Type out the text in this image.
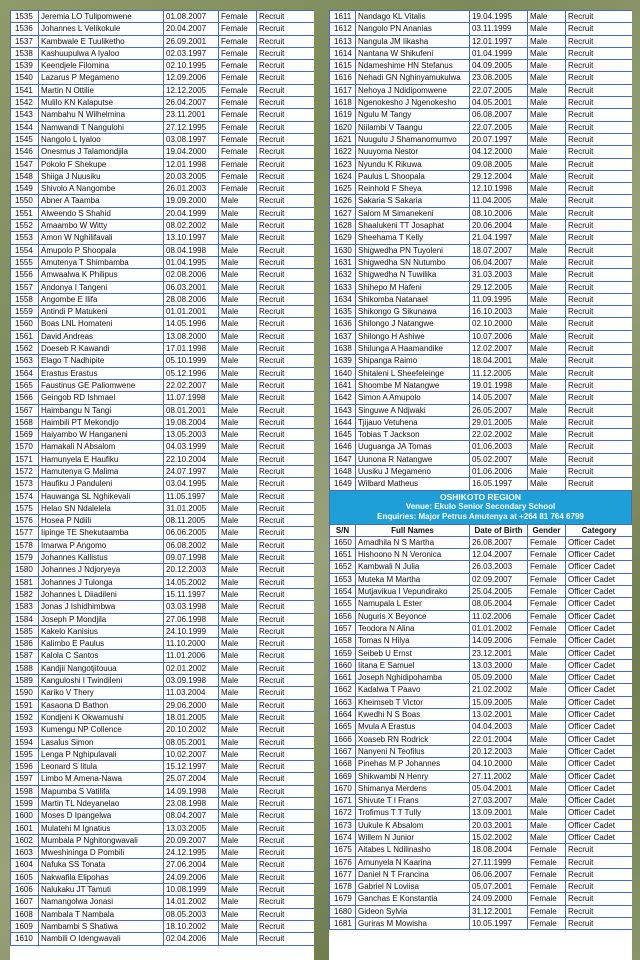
1535	Jeremia LO Tulipomwene	01.08.2007	Female	Recruit
1536	Johannes L Velikokule	20.04.2007	Female	Recruit
1537	Kambwale E Tuuliketho	26.09.2001	Female	Recruit
1538	Kashuupulwa A Iyaloo	02.03.1997	Female	Recruit
1539	Keendjele Filomina	02.10.1995	Female	Recruit
1540	Lazarus P Megameno	12.09.2006	Female	Recruit
1541	Martin N Ottilie	12.12.2005	Female	Recruit
1542	Mulilo KN Kalaputse	26.04.2007	Female	Recruit
1543	Nambahu N Wilhelmina	23.11.2001	Female	Recruit
1544	Namwandi T Nangulohi	27.12.1995	Female	Recruit
1545	Nangolo L Iyaloo	03.08.1997	Female	Recruit
1546	Onesmus J Talamondjila	19.04.2000	Female	Recruit
1547	Pokolo F Shekupe	12.01.1998	Female	Recruit
1548	Shiiga J Nuusiku	20.03.2005	Female	Recruit
1549	Shivolo A Nangombe	26.01.2003	Female	Recruit
1550	Abner A Taamba	19.09.2000	Male	Recruit
1551	Alweendo S Shahid	20.04.1999	Male	Recruit
1552	Amaambo W Witty	08.02.2002	Male	Recruit
1553	Amon W Nghilifavali	13.10.1997	Male	Recruit
1554	Amupolo P Shoopala	08.04.1998	Male	Recruit
1555	Amutenya T Shimbamba	01.04.1995	Male	Recruit
1556	Amwaalwa K Philipus	02.08.2006	Male	Recruit
1557	Andonya I Tangeni	06.03.2001	Male	Recruit
1558	Angombe E Ilifa	28.08.2006	Male	Recruit
1559	Antindi P Matukeni	01.01.2001	Male	Recruit
1560	Boas LNL Homateni	14.05.1996	Male	Recruit
1561	David Andreas	13.08.2000	Male	Recruit
1562	Doeseb R Kawandi	17.01.1998	Male	Recruit
1563	Elago T Nadhipite	05.10.1999	Male	Recruit
1564	Erastus Erastus	05.12.1996	Male	Recruit
1565	Faustinus GE Paliomwene	22.02.2007	Male	Recruit
1566	Geingob RD Ishmael	11.07.1998	Male	Recruit
1567	Haimbangu N Tangi	08.01.2001	Male	Recruit
1568	Haimbili PT Mekondjo	19.08.2004	Male	Recruit
1569	Haiyambo W Hanganeni	13.05.2003	Male	Recruit
1570	Hamakali N Absalom	04.03.1999	Male	Recruit
1571	Hamunyela E Haufiku	22.10.2004	Male	Recruit
1572	Hamutenya G Malima	24.07.1997	Male	Recruit
1573	Haufiku J Panduleni	03.04.1995	Male	Recruit
1574	Hauwanga SL Nghikevali	11.05.1997	Male	Recruit
1575	Helao SN Ndalelela	31.01.2005	Male	Recruit
1576	Hosea P Ndiili	08.11.2005	Male	Recruit
1577	Iipinge TE Shekutaamba	06.06.2005	Male	Recruit
1578	Imarwa P Angomo	06.08.2002	Male	Recruit
1579	Johannes Kallistus	09.07.1998	Male	Recruit
1580	Johannes J Ndjoryeya	20.12.2003	Male	Recruit
1581	Johannes J Tulonga	14.05.2002	Male	Recruit
1582	Johannes L Diiadileni	15.11.1997	Male	Recruit
1583	Jonas J Ishidhimbwa	03.03.1998	Male	Recruit
1584	Joseph P Mondjila	27.06.1998	Male	Recruit
1585	Kakelo Kanisius	24.10.1999	Male	Recruit
1586	Kalimbo E Paulus	11.10.2000	Male	Recruit
1587	Kalola C Santos	11.01.2006	Male	Recruit
1588	Kandjii Nangotjitouua	02.01.2002	Male	Recruit
1589	Kanguloshi I Twindileni	03.09.1998	Male	Recruit
1590	Kariko V Thery	11.03.2004	Male	Recruit
1591	Kasaona D Bathon	29.06.2000	Male	Recruit
1592	Kondjeni K Okwamushi	18.01.2005	Male	Recruit
1593	Kumengu NP Collence	20.10.2002	Male	Recruit
1594	Lasalus Simon	08.05.2001	Male	Recruit
1595	Lenga P Nghipulavali	10.02.2007	Male	Recruit
1596	Leonard S Iitula	15.12.1997	Male	Recruit
1597	Limbo M Amena-Nawa	25.07.2004	Male	Recruit
1598	Mapumba S Vatilifa	14.09.1998	Male	Recruit
1599	Martin TL Ndeyanelao	23.08.1998	Male	Recruit
1600	Moses D Ipangelwa	08.04.2007	Male	Recruit
1601	Mulatehi M Ignatius	13.03.2005	Male	Recruit
1602	Mumbala P Nghitongwavali	20.09.2007	Male	Recruit
1603	Mweshininga D Pombili	24.12.1995	Male	Recruit
1604	Nafuka SS Tonata	27.06.2004	Male	Recruit
1605	Nakwafila Elipohas	24.09.2006	Male	Recruit
1606	Nalukaku JT Tamuti	10.08.1999	Male	Recruit
1607	Namangolwa Jonasi	14.01.2002	Male	Recruit
1608	Nambala T Nambala	08.05.2003	Male	Recruit
1609	Nambambi S Shatiwa	18.10.2002	Male	Recruit
1610	Nambili O Idengwavali	02.04.2006	Male	Recruit
1611	Nandago KL Vitalis	19.04.1995	Male	Recruit
1612	Nangolo PN Ananias	03.11.1999	Male	Recruit
1613	Nangula JM Iikasha	12.01.1997	Male	Recruit
1614	Nantana W Shikufeni	01.04.1999	Male	Recruit
1615	Ndameshime HN Stefanus	04.09.2005	Male	Recruit
1616	Nehadi GN Nghinyamukulwa	23.08.2005	Male	Recruit
1617	Nehoya J Ndidipomwene	22.07.2005	Male	Recruit
1618	Ngenokesho J Ngenokesho	04.05.2001	Male	Recruit
1619	Ngulu M Tangy	06.08.2007	Male	Recruit
1620	Niilambi V Taangu	22.07.2005	Male	Recruit
1621	Nuugulu J Shamanomumvo	20.07.1997	Male	Recruit
1622	Nuuyoma Nestor	04.12.2000	Male	Recruit
1623	Nyundu K Rikuwa	09.08.2005	Male	Recruit
1624	Paulus L Shoopala	29.12.2004	Male	Recruit
1625	Reinhold F Sheya	12.10.1998	Male	Recruit
1626	Sakaria S Sakaria	11.04.2005	Male	Recruit
1627	Salom M Simanekeni	08.10.2006	Male	Recruit
1628	Shaalukeni TT Josaphat	20.06.2004	Male	Recruit
1629	Sheehama T Kelly	21.04.1997	Male	Recruit
1630	Shigwedha PN Tuyoleni	18.07.2007	Male	Recruit
1631	Shigwedha SN Nutumbo	06.04.2007	Male	Recruit
1632	Shigwedha N Tuwilika	31.03.2003	Male	Recruit
1633	Shihepo M Hafeni	29.12.2005	Male	Recruit
1634	Shikomba Natanael	11.09.1995	Male	Recruit
1635	Shikongo G Sikunawa	16.10.2003	Male	Recruit
1636	Shilongo J Natangwe	02.10.2000	Male	Recruit
1637	Shilongo H Ashiwe	10.07.2006	Male	Recruit
1638	Shilunga A Haamandike	12.02.2007	Male	Recruit
1639	Shipanga Raimo	18.04.2001	Male	Recruit
1640	Shitaleni L Sheefeleinge	11.12.2005	Male	Recruit
1641	Shoombe M Natangwe	19.01.1998	Male	Recruit
1642	Simon A Amupolo	14.05.2007	Male	Recruit
1643	Singuwe A Ndjwaki	26.05.2007	Male	Recruit
1644	Tjijauo Vetuhena	29.01.2005	Male	Recruit
1645	Tobias T Jackson	22.02.2002	Male	Recruit
1646	Uuguanga JA Tomas	01.06.2003	Male	Recruit
1647	Uunona R Natangwe	05.02.2007	Male	Recruit
1648	Uusiku J Megameno	01.06.2006	Male	Recruit
1649	Wilbard Matheus	16.05.1997	Male	Recruit
OSHIKOTO REGION
Venue: Ekulo Senior Secondary School
Enquiries: Major Petrus Amutenya at +264 81 764 6799
S/N	Full Names	Date of Birth	Gender	Category
1650	Amadhila N S Martha	26.08.2007	Female	Officer Cadet
1651	Hishoono N N Veronica	12.04.2007	Female	Officer Cadet
1652	Kambwali N Julia	26.03.2003	Female	Officer Cadet
1653	Muteka M Martha	02.09.2007	Female	Officer Cadet
1654	Mutjavikua I Vepundirako	25.04.2005	Female	Officer Cadet
1655	Namupala L Ester	08.05.2004	Female	Officer Cadet
1656	Nuguris X Beyonce	11.02.2006	Female	Officer Cadet
1657	Teodora N Alina	01.01.2002	Female	Officer Cadet
1658	Tomas N Hilya	14.09.2006	Female	Officer Cadet
1659	Seibeb U Ernst	23.12.2001	Male	Officer Cadet
1660	Iitana E Samuel	13.03.2000	Male	Officer Cadet
1661	Joseph Nghidipohamba	05.09.2000	Male	Officer Cadet
1662	Kadalwa T Paavo	21.02.2002	Male	Officer Cadet
1663	Kheimseb T Victor	15.09.2005	Male	Officer Cadet
1664	Kwedhi N S Boas	13.02.2001	Male	Officer Cadet
1665	Mvula A Erastus	04.04.2003	Male	Officer Cadet
1666	Xoaseb RN Rodrick	22.01.2004	Male	Officer Cadet
1667	Nanyeni N Teofilus	20.12.2003	Male	Officer Cadet
1668	Pinehas M P Johannes	04.10.2000	Male	Officer Cadet
1669	Shikwambi N Henry	27.11.2002	Male	Officer Cadet
1670	Shimanya Merdens	05.04.2001	Male	Officer Cadet
1671	Shivute T I Frans	27.03.2007	Male	Officer Cadet
1672	Trofimus T T Tully	13.09.2001	Male	Officer Cadet
1673	Uukule K Absalom	20.03.2001	Male	Officer Cadet
1674	Willem N Junior	15.02.2002	Male	Officer Cadet
1675	Aitabes L Ndilinasho	18.08.2004	Female	Recruit
1676	Amunyela N Kaarina	27.11.1999	Female	Recruit
1677	Daniel N T Francina	06.06.2007	Female	Recruit
1678	Gabriel N Loviisa	05.07.2001	Female	Recruit
1679	Ganchas E Konstantia	24.09.2000	Female	Recruit
1680	Gideon Sylvia	31.12.2001	Female	Recruit
1681	Guriras M Mowisha	10.05.1997	Female	Recruit
